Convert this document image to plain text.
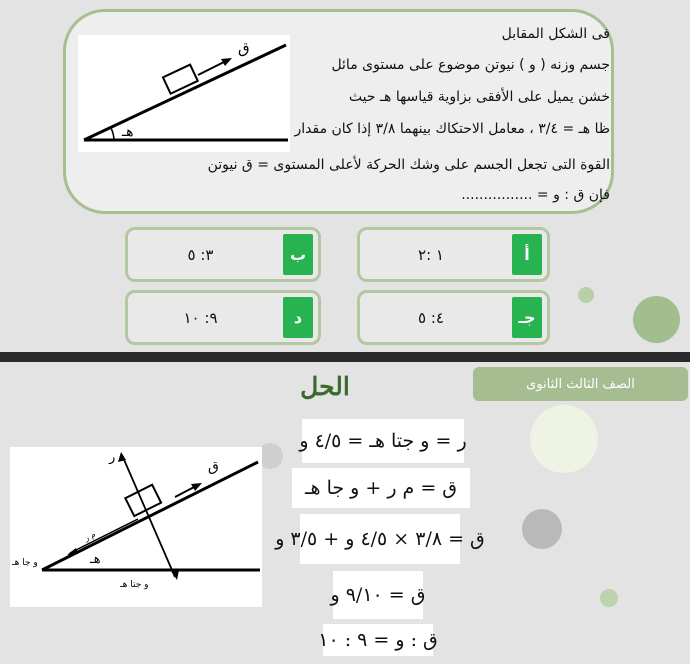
ق
هـ
فى الشكل المقابل
جسم وزنه ( و ) نيوتن موضوع على مستوى مائل
خشن يميل على الأفقى بزاوية قياسها هـ حيث
ظا هـ = ٣/٤ ، معامل الاحتكاك بينهما ٣/٨ إذا كان مقدار
القوة التى تجعل الجسم على وشك الحركة لأعلى المستوى = ق نيوتن
فإن ق : و = ................
أ
١ :٢
ب
٣: ٥
جـ
٤: ٥
د
٩: ١٠
الصف الثالث الثانوى
الحل
ر
ق
هـ
م ر
و جا هـ
و جتا هـ
ر = و جتا هـ = ٤/٥ و
ق = م ر + و جا هـ
ق = ٣/٨ × ٤/٥ و + ٣/٥ و
ق = ٩/١٠ و
ق : و = ٩ : ١٠
